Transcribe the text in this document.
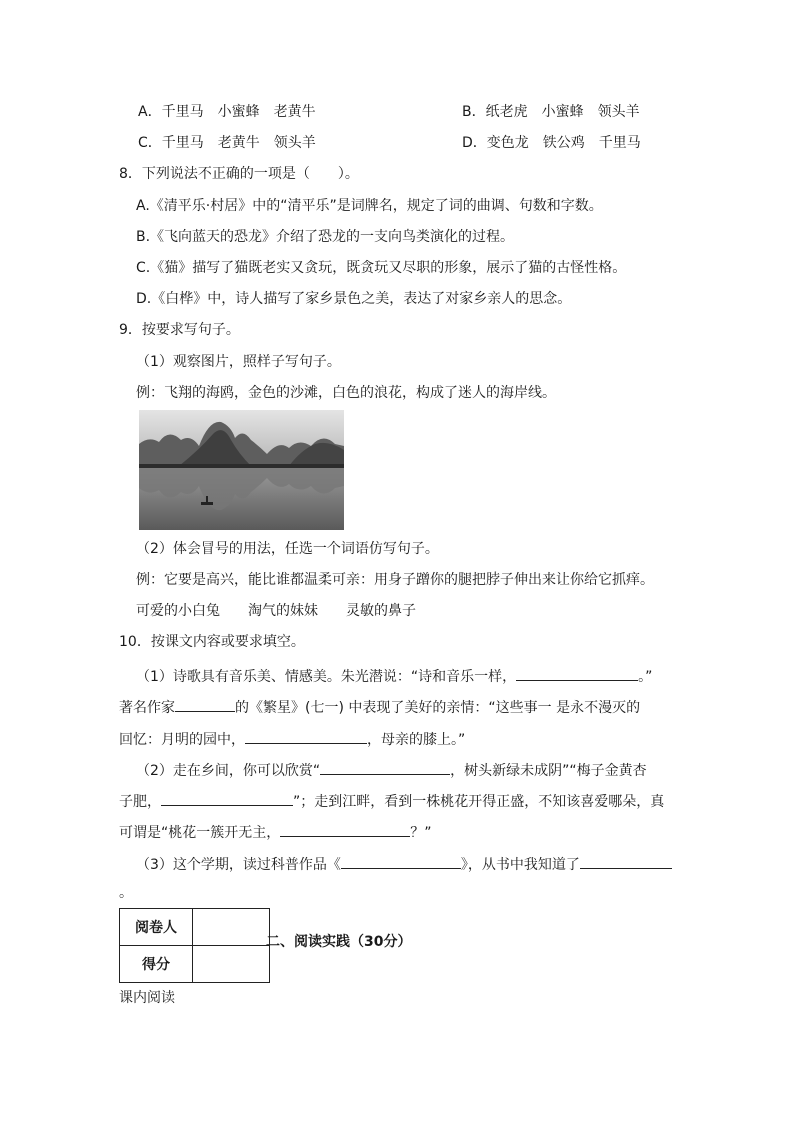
A．千里马　小蜜蜂　老黄牛	B．纸老虎　小蜜蜂　领头羊
C．千里马　老黄牛　领头羊	D．变色龙　铁公鸡　千里马
8．下列说法不正确的一项是（　　）。
A.《清平乐·村居》中的“清平乐”是词牌名，规定了词的曲调、句数和字数。
B.《飞向蓝天的恐龙》介绍了恐龙的一支向鸟类演化的过程。
C.《猫》描写了猫既老实又贪玩，既贪玩又尽职的形象，展示了猫的古怪性格。
D.《白桦》中，诗人描写了家乡景色之美，表达了对家乡亲人的思念。
9．按要求写句子。
（1）观察图片，照样子写句子。
例：飞翔的海鸥，金色的沙滩，白色的浪花，构成了迷人的海岸线。
（2）体会冒号的用法，任选一个词语仿写句子。
例：它要是高兴，能比谁都温柔可亲：用身子蹭你的腿把脖子伸出来让你给它抓痒。
可爱的小白兔　　淘气的妹妹　　灵敏的鼻子
10．按课文内容或要求填空。
（1）诗歌具有音乐美、情感美。朱光潜说：“诗和音乐一样，	。”
著名作家	的《繁星》(七一) 中表现了美好的亲情：“这些事一 是永不漫灭的
回忆：月明的园中，	，母亲的膝上。”
（2）走在乡间，你可以欣赏“	，树头新绿未成阴”“梅子金黄杏
子肥，	”；走到江畔，看到一株桃花开得正盛，不知该喜爱哪朵，真
可谓是“桃花一簇开无主，	？”
（3）这个学期，读过科普作品《	》，从书中我知道了
。
阅卷人	
得分	
二、阅读实践（30分）
课内阅读
